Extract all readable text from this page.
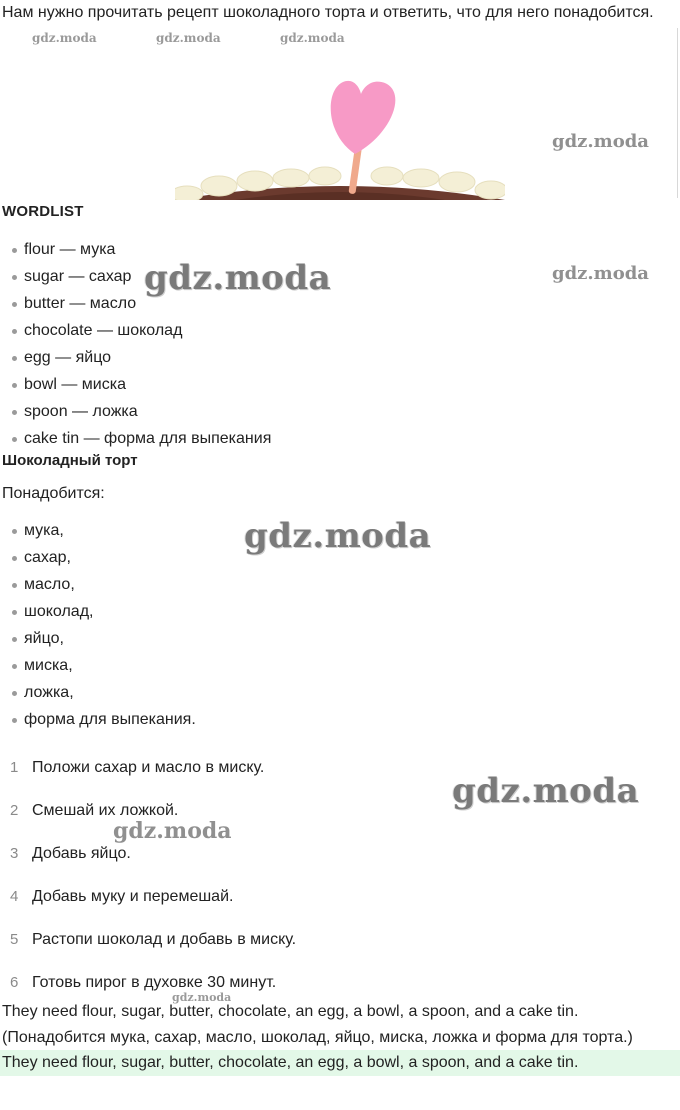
Нам нужно прочитать рецепт шоколадного торта и ответить, что для него понадобится.
gdz.moda	gdz.moda	gdz.moda
gdz.moda
gdz.moda
gdz.moda
gdz.moda
gdz.moda
gdz.moda
gdz.moda
WORDLIST
flour — мука
sugar — сахар
butter — масло
chocolate — шоколад
egg — яйцо
bowl — миска
spoon — ложка
cake tin — форма для выпекания
Шоколадный торт
Понадобится:
мука,
сахар,
масло,
шоколад,
яйцо,
миска,
ложка,
форма для выпекания.
1 Положи сахар и масло в миску.
2 Смешай их ложкой.
3 Добавь яйцо.
4 Добавь муку и перемешай.
5 Растопи шоколад и добавь в миску.
6 Готовь пирог в духовке 30 минут.
They need flour, sugar, butter, chocolate, an egg, a bowl, a spoon, and a cake tin.
(Понадобится мука, сахар, масло, шоколад, яйцо, миска, ложка и форма для торта.)
They need flour, sugar, butter, chocolate, an egg, a bowl, a spoon, and a cake tin.
